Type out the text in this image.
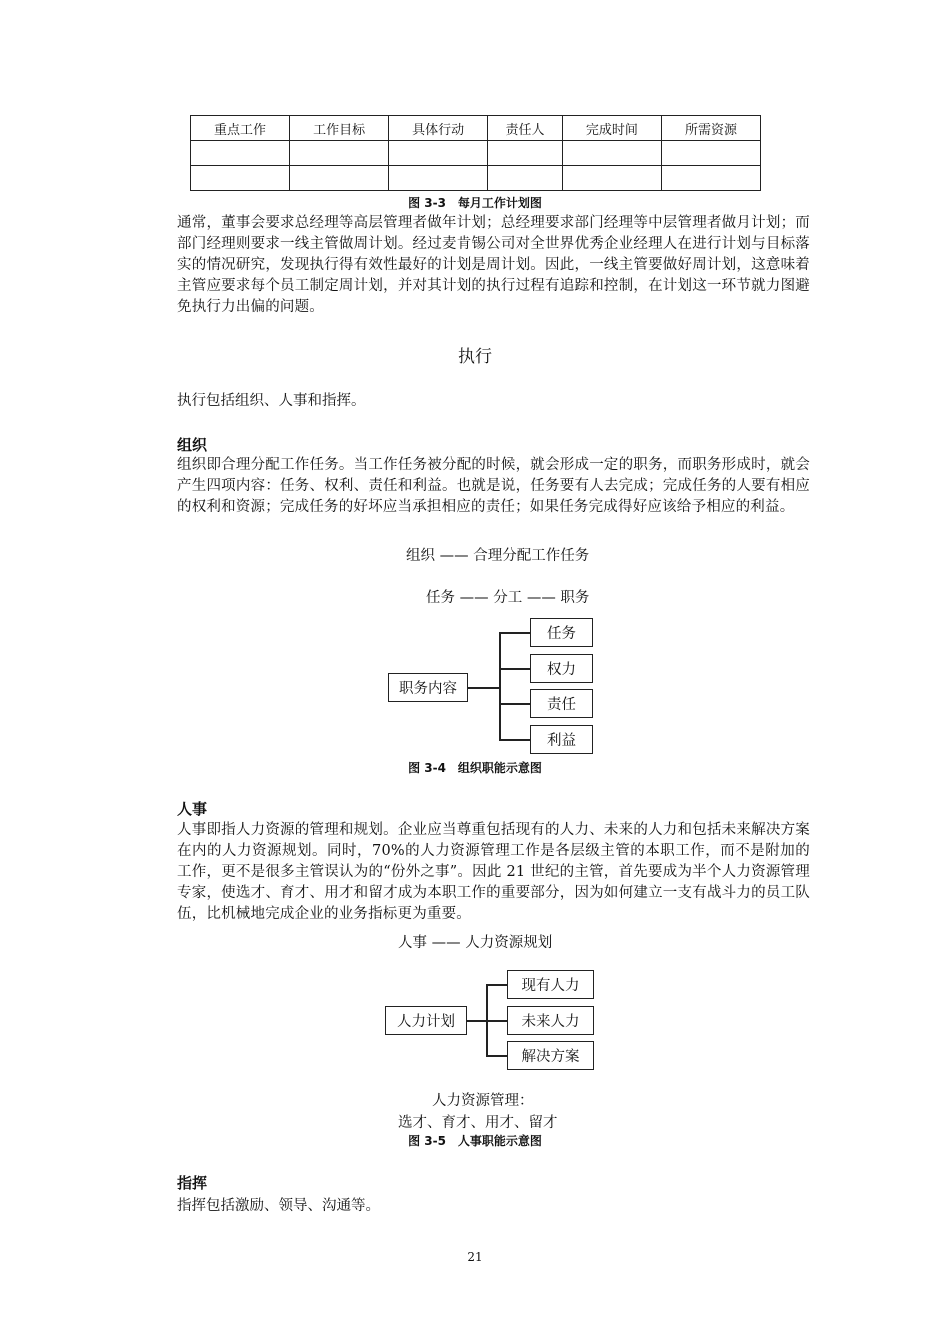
重点工作	工作目标	具体行动	责任人	完成时间	所需资源

图 3-3　每月工作计划图
通常，董事会要求总经理等高层管理者做年计划；总经理要求部门经理等中层管理者做月计划；而部门经理则要求一线主管做周计划。经过麦肯锡公司对全世界优秀企业经理人在进行计划与目标落实的情况研究，发现执行得有效性最好的计划是周计划。因此，一线主管要做好周计划，这意味着主管应要求每个员工制定周计划，并对其计划的执行过程有追踪和控制，在计划这一环节就力图避免执行力出偏的问题。
执行
执行包括组织、人事和指挥。
组织
组织即合理分配工作任务。当工作任务被分配的时候，就会形成一定的职务，而职务形成时，就会产生四项内容：任务、权利、责任和利益。也就是说，任务要有人去完成；完成任务的人要有相应的权利和资源；完成任务的好坏应当承担相应的责任；如果任务完成得好应该给予相应的利益。
组织 —— 合理分配工作任务
任务 —— 分工 —— 职务
职务内容
任务
权力
责任
利益
图 3-4　组织职能示意图
人事
人事即指人力资源的管理和规划。企业应当尊重包括现有的人力、未来的人力和包括未来解决方案在内的人力资源规划。同时，70%的人力资源管理工作是各层级主管的本职工作，而不是附加的工作，更不是很多主管误认为的“份外之事”。因此 21 世纪的主管，首先要成为半个人力资源管理专家，使选才、育才、用才和留才成为本职工作的重要部分，因为如何建立一支有战斗力的员工队伍，比机械地完成企业的业务指标更为重要。
人事 —— 人力资源规划
人力计划
现有人力
未来人力
解决方案
人力资源管理：
选才、育才、用才、留才
图 3-5　人事职能示意图
指挥
指挥包括激励、领导、沟通等。
21
